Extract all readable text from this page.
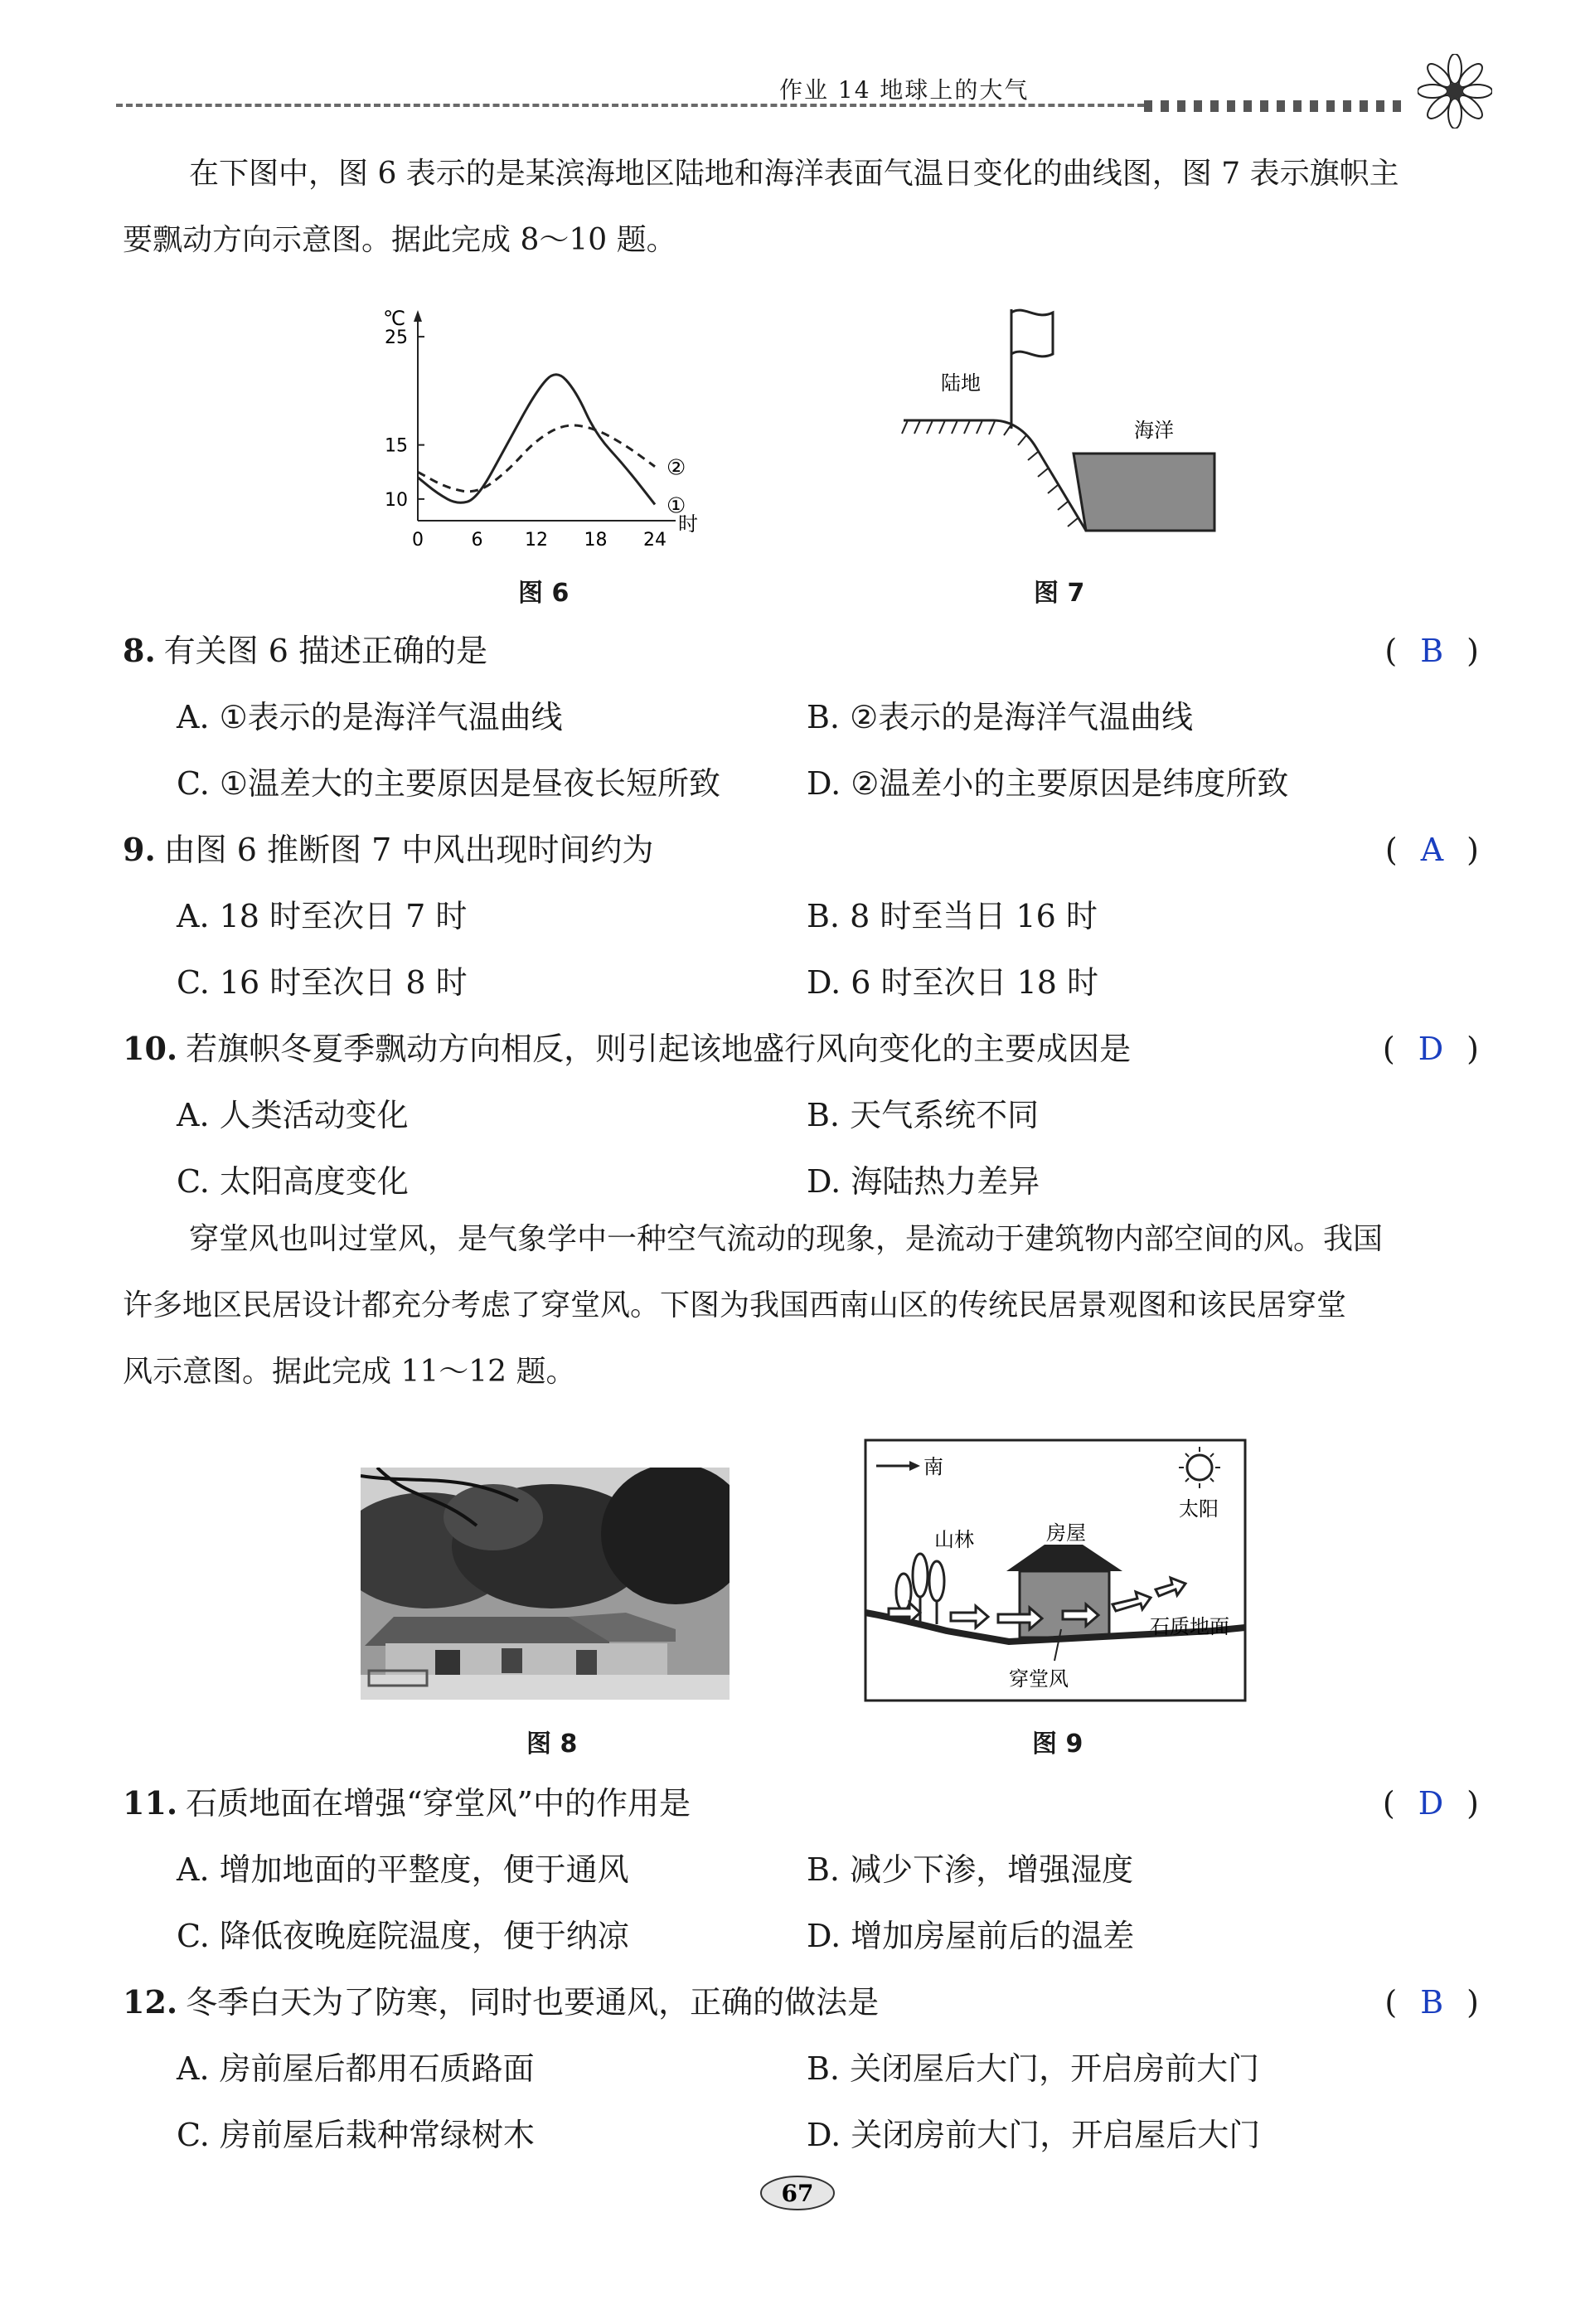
作业 14 地球上的大气

在下图中，图 6 表示的是某滨海地区陆地和海洋表面气温日变化的曲线图，图 7 表示旗帜主

要飘动方向示意图。据此完成 8～10 题。

℃
时
10
15
25
0	6 12 18 24
①
②
图 6
陆地
海洋
图 7
8. 有关图 6 描述正确的是	( B )
A. ①表示的是海洋气温曲线	B. ②表示的是海洋气温曲线
C. ①温差大的主要原因是昼夜长短所致	D. ②温差小的主要原因是纬度所致
9. 由图 6 推断图 7 中风出现时间约为	( A )
A. 18 时至次日 7 时	B. 8 时至当日 16 时
C. 16 时至次日 8 时	D. 6 时至次日 18 时
10. 若旗帜冬夏季飘动方向相反，则引起该地盛行风向变化的主要成因是	( D )
A. 人类活动变化	B. 天气系统不同
C. 太阳高度变化	D. 海陆热力差异

穿堂风也叫过堂风，是气象学中一种空气流动的现象，是流动于建筑物内部空间的风。我国

许多地区民居设计都充分考虑了穿堂风。下图为我国西南山区的传统民居景观图和该民居穿堂

风示意图。据此完成 11～12 题。

图 8
南
太阳
山林	房屋
石质地面
穿堂风
图 9
11. 石质地面在增强“穿堂风”中的作用是	( D )
A. 增加地面的平整度，便于通风	B. 减少下渗，增强湿度
C. 降低夜晚庭院温度，便于纳凉	D. 增加房屋前后的温差
12. 冬季白天为了防寒，同时也要通风，正确的做法是	( B )
A. 房前屋后都用石质路面	B. 关闭屋后大门，开启房前大门
C. 房前屋后栽种常绿树木	D. 关闭房前大门，开启屋后大门
67
